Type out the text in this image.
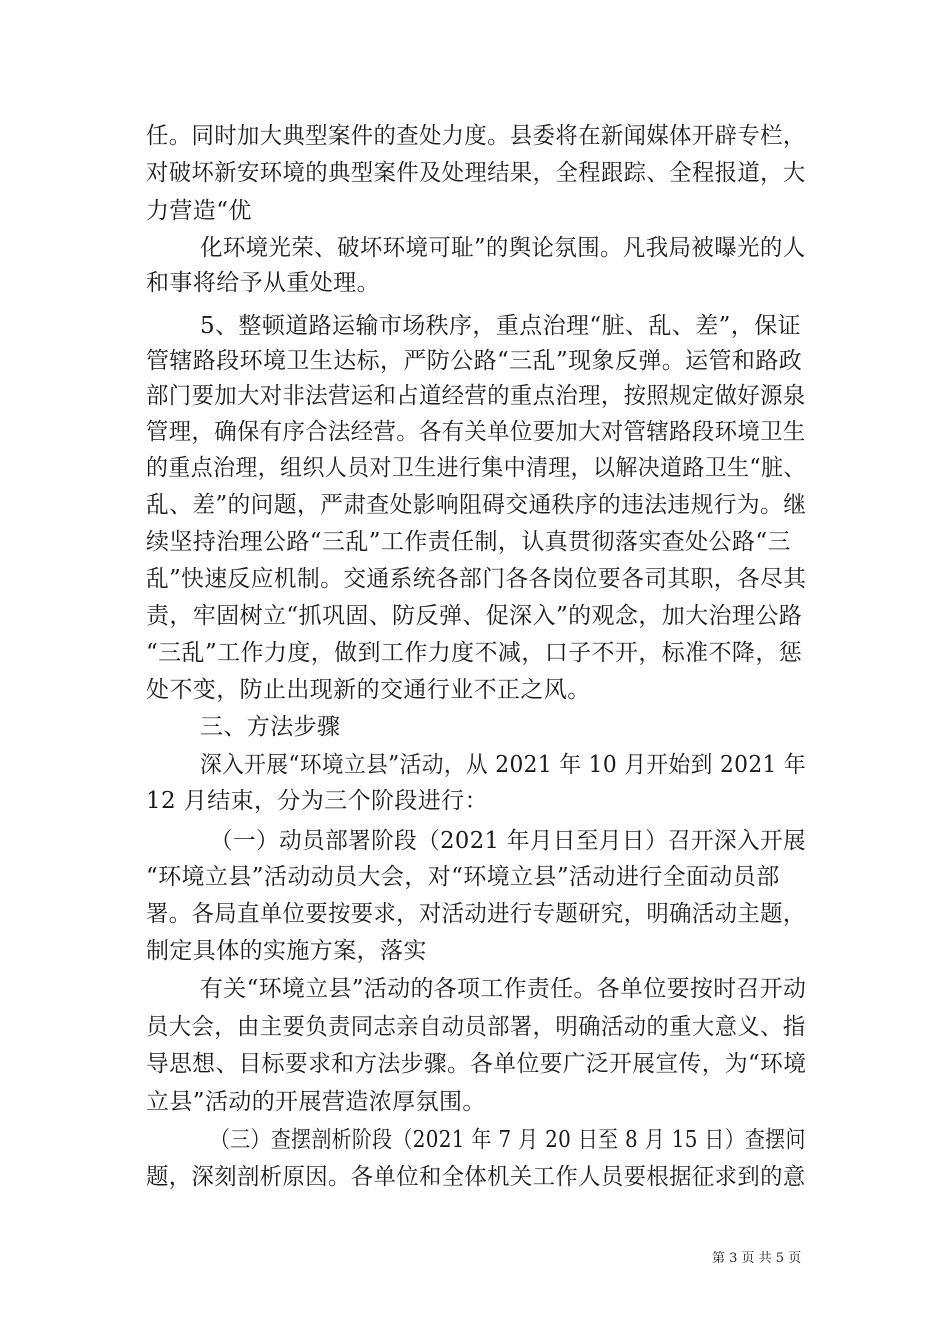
任。同时加大典型案件的查处力度。县委将在新闻媒体开辟专栏，
对破坏新安环境的典型案件及处理结果，全程跟踪、全程报道，大
力营造“优
化环境光荣、破坏环境可耻”的舆论氛围。凡我局被曝光的人
和事将给予从重处理。
5、整顿道路运输市场秩序，重点治理“脏、乱、差”，保证
管辖路段环境卫生达标，严防公路“三乱”现象反弹。运管和路政
部门要加大对非法营运和占道经营的重点治理，按照规定做好源泉
管理，确保有序合法经营。各有关单位要加大对管辖路段环境卫生
的重点治理，组织人员对卫生进行集中清理，以解决道路卫生“脏、
乱、差”的问题，严肃查处影响阻碍交通秩序的违法违规行为。继
续坚持治理公路“三乱”工作责任制，认真贯彻落实查处公路“三
乱”快速反应机制。交通系统各部门各各岗位要各司其职，各尽其
责，牢固树立“抓巩固、防反弹、促深入”的观念，加大治理公路
“三乱”工作力度，做到工作力度不减，口子不开，标准不降，惩
处不变，防止出现新的交通行业不正之风。
三、方法步骤
深入开展“环境立县”活动，从 2021 年 10 月开始到 2021 年
12 月结束，分为三个阶段进行：
（一）动员部署阶段（2021 年月日至月日）召开深入开展
“环境立县”活动动员大会，对“环境立县”活动进行全面动员部
署。各局直单位要按要求，对活动进行专题研究，明确活动主题，
制定具体的实施方案，落实
有关“环境立县”活动的各项工作责任。各单位要按时召开动
员大会，由主要负责同志亲自动员部署，明确活动的重大意义、指
导思想、目标要求和方法步骤。各单位要广泛开展宣传，为“环境
立县”活动的开展营造浓厚氛围。
（三）查摆剖析阶段（2021 年 7 月 20 日至 8 月 15 日）查摆问
题，深刻剖析原因。各单位和全体机关工作人员要根据征求到的意
第 3 页 共 5 页
